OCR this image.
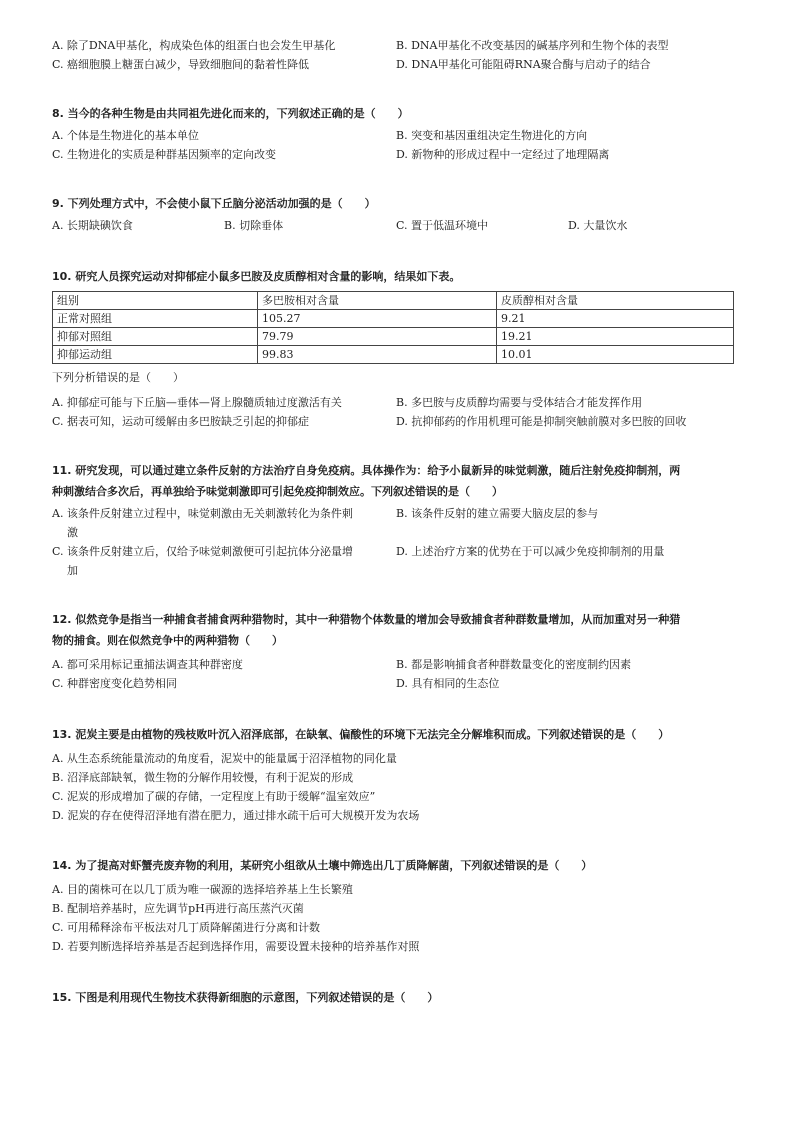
A. 除了DNA甲基化，构成染色体的组蛋白也会发生甲基化	B. DNA甲基化不改变基因的碱基序列和生物个体的表型
C. 癌细胞膜上糖蛋白减少，导致细胞间的黏着性降低	D. DNA甲基化可能阻碍RNA聚合酶与启动子的结合
8. 当今的各种生物是由共同祖先进化而来的，下列叙述正确的是（　　）
A. 个体是生物进化的基本单位	B. 突变和基因重组决定生物进化的方向
C. 生物进化的实质是种群基因频率的定向改变	D. 新物种的形成过程中一定经过了地理隔离
9. 下列处理方式中，不会使小鼠下丘脑分泌活动加强的是（　　）
A. 长期缺碘饮食	B. 切除垂体	C. 置于低温环境中	D. 大量饮水
10. 研究人员探究运动对抑郁症小鼠多巴胺及皮质醇相对含量的影响，结果如下表。
组别	多巴胺相对含量	皮质醇相对含量
正常对照组	105.27	9.21
抑郁对照组	79.79	19.21
抑郁运动组	99.83	10.01
下列分析错误的是（　　）
A. 抑郁症可能与下丘脑—垂体—肾上腺髓质轴过度激活有关	B. 多巴胺与皮质醇均需要与受体结合才能发挥作用
C. 据表可知，运动可缓解由多巴胺缺乏引起的抑郁症	D. 抗抑郁药的作用机理可能是抑制突触前膜对多巴胺的回收
11. 研究发现，可以通过建立条件反射的方法治疗自身免疫病。具体操作为：给予小鼠新异的味觉刺激，随后注射免疫抑制剂，两
种刺激结合多次后，再单独给予味觉刺激即可引起免疫抑制效应。下列叙述错误的是（　　）
A. 该条件反射建立过程中，味觉刺激由无关刺激转化为条件刺
激
B. 该条件反射的建立需要大脑皮层的参与
C. 该条件反射建立后，仅给予味觉刺激便可引起抗体分泌量增
加
D. 上述治疗方案的优势在于可以减少免疫抑制剂的用量
12. 似然竞争是指当一种捕食者捕食两种猎物时，其中一种猎物个体数量的增加会导致捕食者种群数量增加，从而加重对另一种猎
物的捕食。则在似然竞争中的两种猎物（　　）
A. 都可采用标记重捕法调查其种群密度	B. 都是影响捕食者种群数量变化的密度制约因素
C. 种群密度变化趋势相同	D. 具有相同的生态位
13. 泥炭主要是由植物的残枝败叶沉入沼泽底部，在缺氧、偏酸性的环境下无法完全分解堆积而成。下列叙述错误的是（　　）
A. 从生态系统能量流动的角度看，泥炭中的能量属于沼泽植物的同化量
B. 沼泽底部缺氧，微生物的分解作用较慢，有利于泥炭的形成
C. 泥炭的形成增加了碳的存储，一定程度上有助于缓解“温室效应”
D. 泥炭的存在使得沼泽地有潜在肥力，通过排水疏干后可大规模开发为农场
14. 为了提高对虾蟹壳废弃物的利用，某研究小组欲从土壤中筛选出几丁质降解菌，下列叙述错误的是（　　）
A. 目的菌株可在以几丁质为唯一碳源的选择培养基上生长繁殖
B. 配制培养基时，应先调节pH再进行高压蒸汽灭菌
C. 可用稀释涂布平板法对几丁质降解菌进行分离和计数
D. 若要判断选择培养基是否起到选择作用，需要设置未接种的培养基作对照
15. 下图是利用现代生物技术获得新细胞的示意图，下列叙述错误的是（　　）
